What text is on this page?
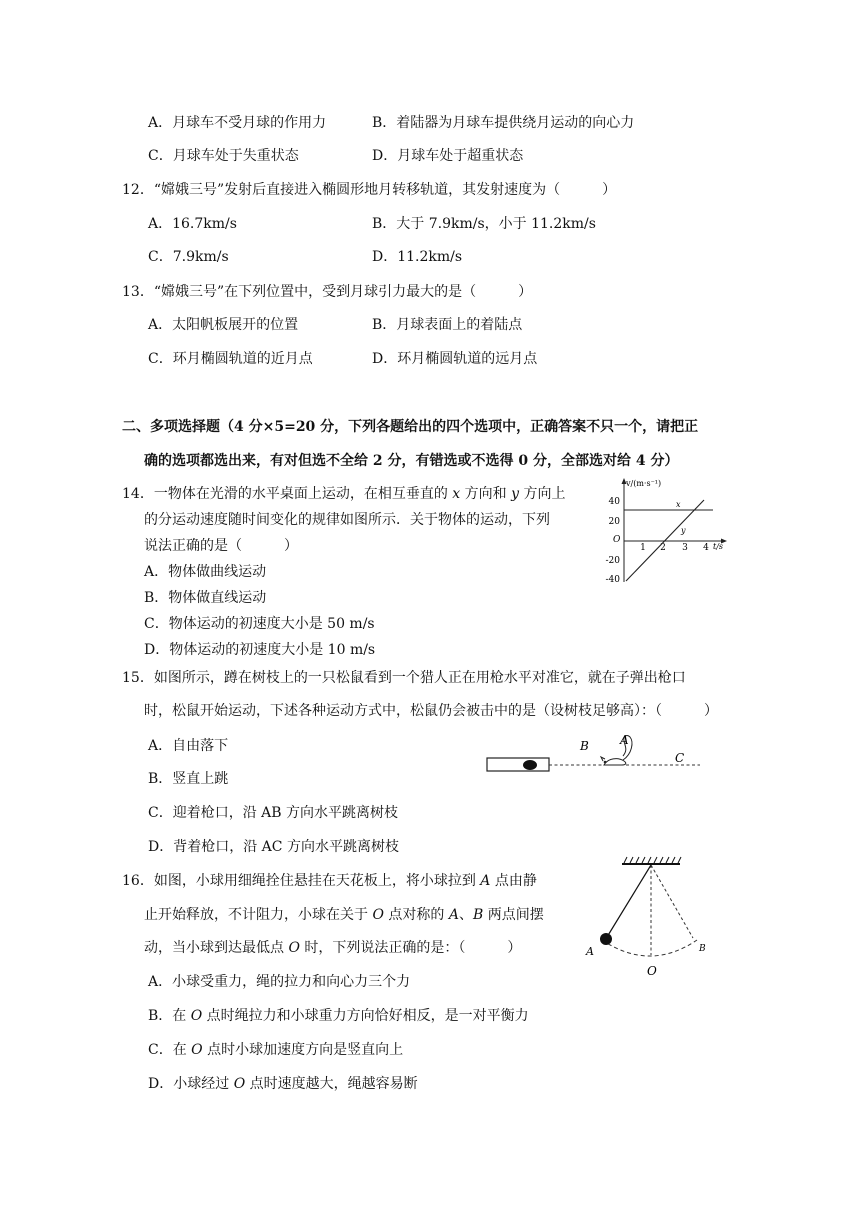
A．月球车不受月球的作用力	B．着陆器为月球车提供绕月运动的向心力
C．月球车处于失重状态	D．月球车处于超重状态
12．“嫦娥三号”发射后直接进入椭圆形地月转移轨道，其发射速度为（　　　）
A．16.7km/s	B．大于 7.9km/s，小于 11.2km/s
C．7.9km/s	D．11.2km/s
13．“嫦娥三号”在下列位置中，受到月球引力最大的是（　　　）
A．太阳帆板展开的位置	B．月球表面上的着陆点
C．环月椭圆轨道的近月点	D．环月椭圆轨道的远月点
二、多项选择题（4 分×5=20 分，下列各题给出的四个选项中，正确答案不只一个，请把正
确的选项都选出来，有对但选不全给 2 分，有错选或不选得 0 分，全部选对给 4 分）
14．一物体在光滑的水平桌面上运动，在相互垂直的 x 方向和 y 方向上
的分运动速度随时间变化的规律如图所示．关于物体的运动，下列
说法正确的是（　　　）
A．物体做曲线运动
B．物体做直线运动
C．物体运动的初速度大小是 50 m/s
D．物体运动的初速度大小是 10 m/s
v/(m·s⁻¹)
t/s
O
40
20
-20
-40
1 2 3 4
x
y
15．如图所示，蹲在树枝上的一只松鼠看到一个猎人正在用枪水平对准它，就在子弹出枪口
时，松鼠开始运动，下述各种运动方式中，松鼠仍会被击中的是（设树枝足够高）：（　　　）
A．自由落下
B．竖直上跳
C．迎着枪口，沿 AB 方向水平跳离树枝
D．背着枪口，沿 AC 方向水平跳离树枝
B	A
C
16．如图，小球用细绳拴住悬挂在天花板上，将小球拉到 A 点由静
止开始释放，不计阻力，小球在关于 O 点对称的 A、B 两点间摆
动，当小球到达最低点 O 时，下列说法正确的是：（　　　）
A．小球受重力，绳的拉力和向心力三个力
B．在 O 点时绳拉力和小球重力方向恰好相反，是一对平衡力
C．在 O 点时小球加速度方向是竖直向上
D．小球经过 O 点时速度越大，绳越容易断
A	B
O
